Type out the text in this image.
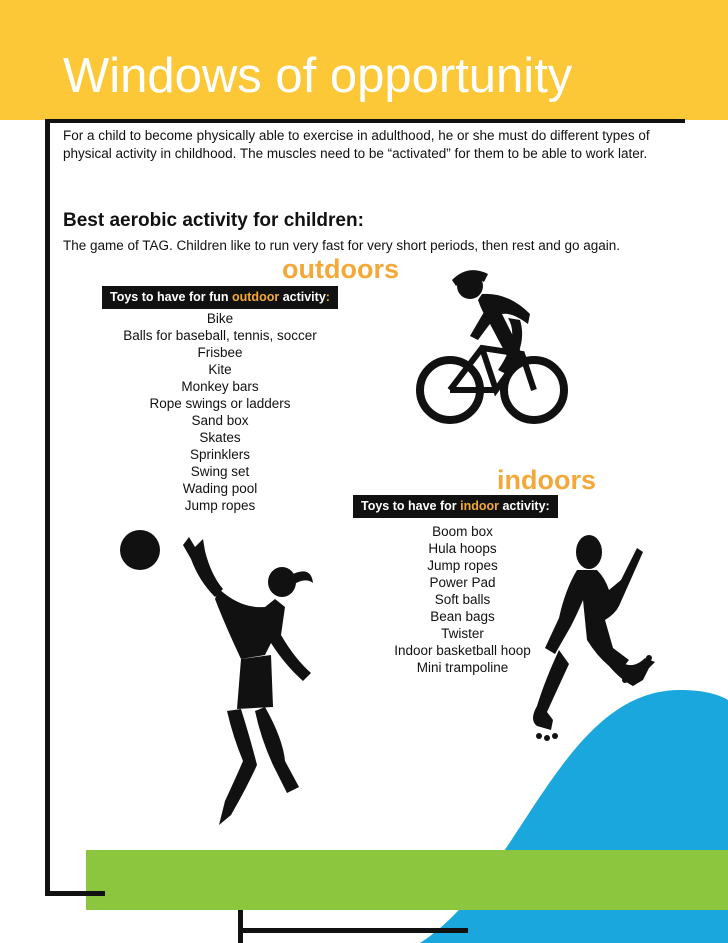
Windows of opportunity

For a child to become physically able to exercise in adulthood, he or she must do different types of physical activity in childhood. The muscles need to be “activated” for them to be able to work later.

Best aerobic activity for children:

The game of TAG. Children like to run very fast for very short periods, then rest and go again.

outdoors
Toys to have for fun outdoor activity:
Bike
Balls for baseball, tennis, soccer
Frisbee
Kite
Monkey bars
Rope swings or ladders
Sand box
Skates
Sprinklers
Swing set
Wading pool
Jump ropes
indoors
Toys to have for indoor activity:
Boom box
Hula hoops
Jump ropes
Power Pad
Soft balls
Bean bags
Twister
Indoor basketball hoop
Mini trampoline
